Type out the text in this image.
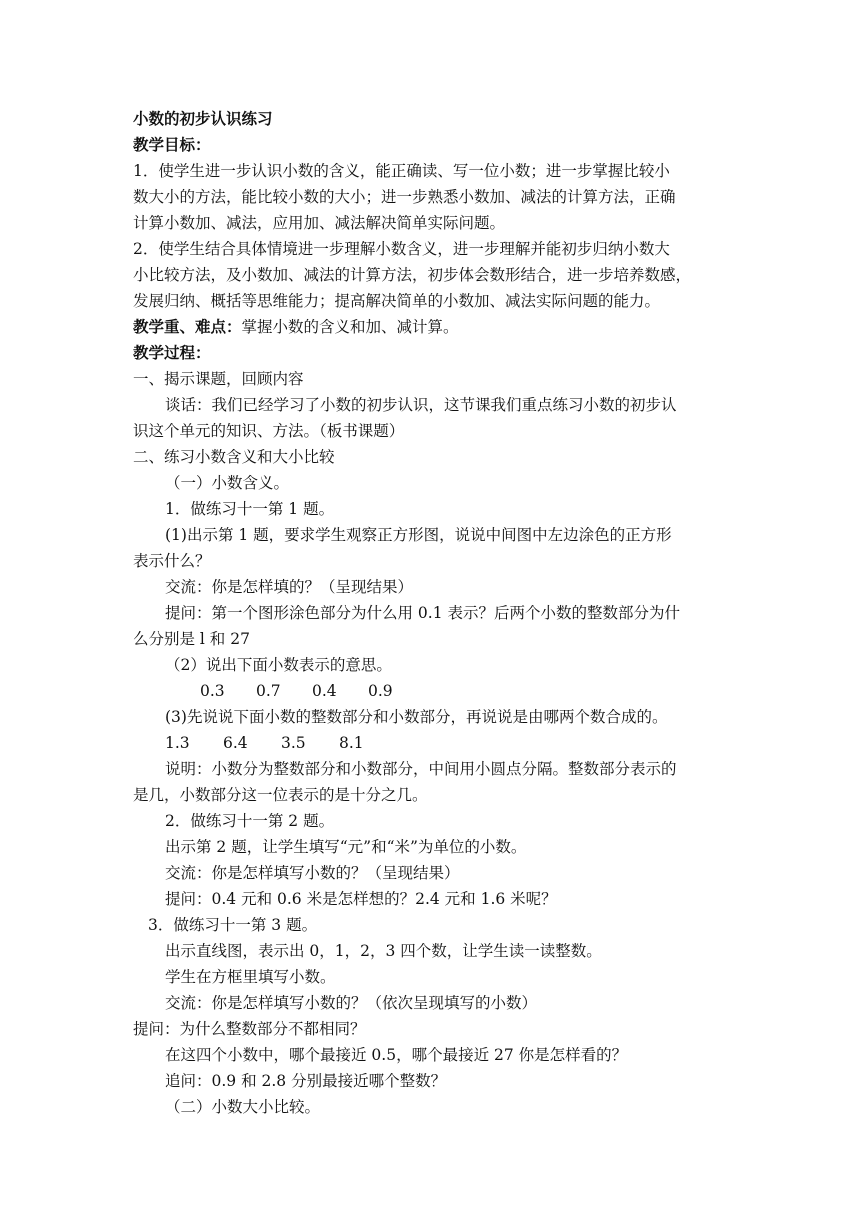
小数的初步认识练习
教学目标：
1．使学生进一步认识小数的含义，能正确读、写一位小数；进一步掌握比较小
数大小的方法，能比较小数的大小；进一步熟悉小数加、减法的计算方法，正确
计算小数加、减法，应用加、减法解决简单实际问题。
2．使学生结合具体情境进一步理解小数含义，进一步理解并能初步归纳小数大
小比较方法，及小数加、减法的计算方法，初步体会数形结合，进一步培养数感，
发展归纳、概括等思维能力；提高解决简单的小数加、减法实际问题的能力。
教学重、难点：掌握小数的含义和加、减计算。
教学过程：
一、揭示课题，回顾内容
谈话：我们已经学习了小数的初步认识，这节课我们重点练习小数的初步认
识这个单元的知识、方法。（板书课题）
二、练习小数含义和大小比较
（一）小数含义。
1．做练习十一第 1 题。
(1)出示第 1 题，要求学生观察正方形图，说说中间图中左边涂色的正方形
表示什么？
交流：你是怎样填的？（呈现结果）
提问：第一个图形涂色部分为什么用 0.1 表示？后两个小数的整数部分为什
么分别是 l 和 27
（2）说出下面小数表示的意思。
0.3 0.7 0.4 0.9
(3)先说说下面小数的整数部分和小数部分，再说说是由哪两个数合成的。
1.3 6.4 3.5 8.1
说明：小数分为整数部分和小数部分，中间用小圆点分隔。整数部分表示的
是几，小数部分这一位表示的是十分之几。
2．做练习十一第 2 题。
出示第 2 题，让学生填写“元”和“米”为单位的小数。
交流：你是怎样填写小数的？（呈现结果）
提问：0.4 元和 0.6 米是怎样想的？2.4 元和 1.6 米呢？
3．做练习十一第 3 题。
出示直线图，表示出 0，1，2，3 四个数，让学生读一读整数。
学生在方框里填写小数。
交流：你是怎样填写小数的？（依次呈现填写的小数）
提问：为什么整数部分不都相同？
在这四个小数中，哪个最接近 0.5，哪个最接近 27 你是怎样看的？
追问：0.9 和 2.8 分别最接近哪个整数？
（二）小数大小比较。
